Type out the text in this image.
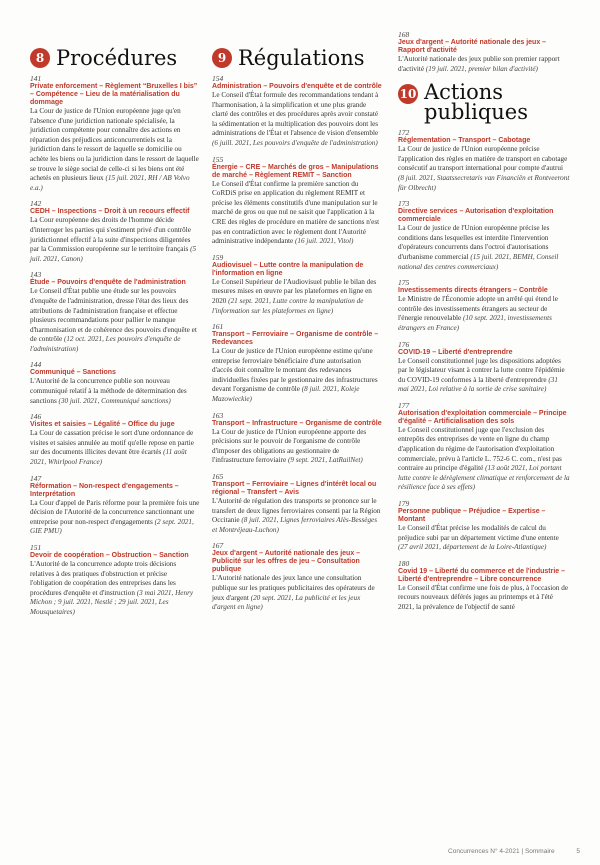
8 Procédures
141
Private enforcement – Règlement “Bruxelles I bis” – Compétence – Lieu de la matérialisation du dommage
La Cour de justice de l'Union européenne juge qu'en l'absence d'une juridiction nationale spécialisée, la juridiction compétente pour connaître des actions en réparation des préjudices anticoncurrentiels est la juridiction dans le ressort de laquelle se domicilie ou achète les biens ou la juridiction dans le ressort de laquelle se trouve le siège social de celle-ci si les biens ont été achetés en plusieurs lieux (15 juil. 2021, RH / AB Volvo e.a.)
142
CEDH – Inspections – Droit à un recours effectif
La Cour européenne des droits de l'homme décide d'interroger les parties qui s'estiment privé d'un contrôle juridictionnel effectif à la suite d'inspections diligentées par la Commission européenne sur le territoire français (5 juil. 2021, Canon)
143
Étude – Pouvoirs d'enquête de l'administration
Le Conseil d'État publie une étude sur les pouvoirs d'enquête de l'administration, dresse l'état des lieux des attributions de l'administration française et effectue plusieurs recommandations pour pallier le manque d'harmonisation et de cohérence des pouvoirs d'enquête et de contrôle (12 oct. 2021, Les pouvoirs d'enquête de l'administration)
144
Communiqué – Sanctions
L'Autorité de la concurrence publie son nouveau communiqué relatif à la méthode de détermination des sanctions (30 juil. 2021, Communiqué sanctions)
146
Visites et saisies – Légalité – Office du juge
La Cour de cassation précise le sort d'une ordonnance de visites et saisies annulée au motif qu'elle repose en partie sur des documents illicites devant être écartés (11 août 2021, Whirlpool France)
147
Réformation – Non-respect d'engagements – Interprétation
La Cour d'appel de Paris réforme pour la première fois une décision de l'Autorité de la concurrence sanctionnant une entreprise pour non-respect d'engagements (2 sept. 2021, GIE PMU)
151
Devoir de coopération – Obstruction – Sanction
L'Autorité de la concurrence adopte trois décisions relatives à des pratiques d'obstruction et précise l'obligation de coopération des entreprises dans les procédures d'enquête et d'instruction (3 mai 2021, Henry Michon ; 9 juil. 2021, Nestlé ; 29 juil. 2021, Les Mousquetaires)
9 Régulations
154
Administration – Pouvoirs d'enquête et de contrôle
Le Conseil d'État formule des recommandations tendant à l'harmonisation, à la simplification et une plus grande clarté des contrôles et des procédures après avoir constaté la sédimentation et la multiplication des pouvoirs dont les administrations de l'État et l'absence de vision d'ensemble (6 juill. 2021, Les pouvoirs d'enquête de l'administration)
155
Énergie – CRE – Marchés de gros – Manipulations de marché – Règlement REMIT – Sanction
Le Conseil d'État confirme la première sanction du CoRDiS prise en application du règlement REMIT et précise les éléments constitutifs d'une manipulation sur le marché de gros ou que nul ne saisit que l'application à la CRE des règles de procédure en matière de sanctions n'est pas en contradiction avec le règlement dont l'Autorité administrative indépendante (16 juil. 2021, Vitol)
159
Audiovisuel – Lutte contre la manipulation de l'information en ligne
Le Conseil Supérieur de l'Audiovisuel publie le bilan des mesures mises en œuvre par les plateformes en ligne en 2020 (21 sept. 2021, Lutte contre la manipulation de l'information sur les plateformes en ligne)
161
Transport – Ferroviaire – Organisme de contrôle – Redevances
La Cour de justice de l'Union européenne estime qu'une entreprise ferroviaire bénéficiaire d'une autorisation d'accès doit connaître le montant des redevances individuelles fixées par le gestionnaire des infrastructures devant l'organisme de contrôle (8 juil. 2021, Koleje Mazowieckie)
163
Transport – Infrastructure – Organisme de contrôle
La Cour de justice de l'Union européenne apporte des précisions sur le pouvoir de l'organisme de contrôle d'imposer des obligations au gestionnaire de l'infrastructure ferroviaire (9 sept. 2021, LatRailNet)
165
Transport – Ferroviaire – Lignes d'intérêt local ou régional – Transfert – Avis
L'Autorité de régulation des transports se prononce sur le transfert de deux lignes ferroviaires consenti par la Région Occitanie (8 juil. 2021, Lignes ferroviaires Alès-Bessèges et Montréjeau-Luchon)
167
Jeux d'argent – Autorité nationale des jeux – Publicité sur les offres de jeu – Consultation publique
L'Autorité nationale des jeux lance une consultation publique sur les pratiques publicitaires des opérateurs de jeux d'argent (20 sept. 2021, La publicité et les jeux d'argent en ligne)
168
Jeux d'argent – Autorité nationale des jeux – Rapport d'activité
L'Autorité nationale des jeux publie son premier rapport d'activité (19 juil. 2021, premier bilan d'activité)
10 Actions publiques
172
Réglementation – Transport – Cabotage
La Cour de justice de l'Union européenne précise l'application des règles en matière de transport en cabotage consécutif au transport international pour compte d'autrui (8 juil. 2021, Staatssecretaris van Financiën et Rontveeront für Olbrecht)
173
Directive services – Autorisation d'exploitation commerciale
La Cour de justice de l'Union européenne précise les conditions dans lesquelles est interdite l'intervention d'opérateurs concurrents dans l'octroi d'autorisations d'urbanisme commercial (15 juil. 2021, BEMH, Conseil national des centres commerciaux)
175
Investissements directs étrangers – Contrôle
Le Ministre de l'Économie adopte un arrêté qui étend le contrôle des investissements étrangers au secteur de l'énergie renouvelable (10 sept. 2021, investissements étrangers en France)
176
COVID-19 – Liberté d'entreprendre
Le Conseil constitutionnel juge les dispositions adoptées par le législateur visant à contrer la lutte contre l'épidémie du COVID-19 conformes à la liberté d'entreprendre (31 mai 2021, Loi relative à la sortie de crise sanitaire)
177
Autorisation d'exploitation commerciale – Principe d'égalité – Artificialisation des sols
Le Conseil constitutionnel juge que l'exclusion des entrepôts des entreprises de vente en ligne du champ d'application du régime de l'autorisation d'exploitation commerciale, prévu à l'article L. 752-6 C. com., n'est pas contraire au principe d'égalité (13 août 2021, Loi portant lutte contre le dérèglement climatique et renforcement de la résilience face à ses effets)
179
Personne publique – Préjudice – Expertise – Montant
Le Conseil d'État précise les modalités de calcul du préjudice subi par un département victime d'une entente (27 avril 2021, département de la Loire-Atlantique)
180
Covid 19 – Liberté du commerce et de l'industrie – Liberté d'entreprendre – Libre concurrence
Le Conseil d'État confirme une fois de plus, à l'occasion de recours nouveaux déférés juges au printemps et à l'été 2021, la prévalence de l'objectif de santé
Concurrences N° 4-2021 | Sommaire	5
